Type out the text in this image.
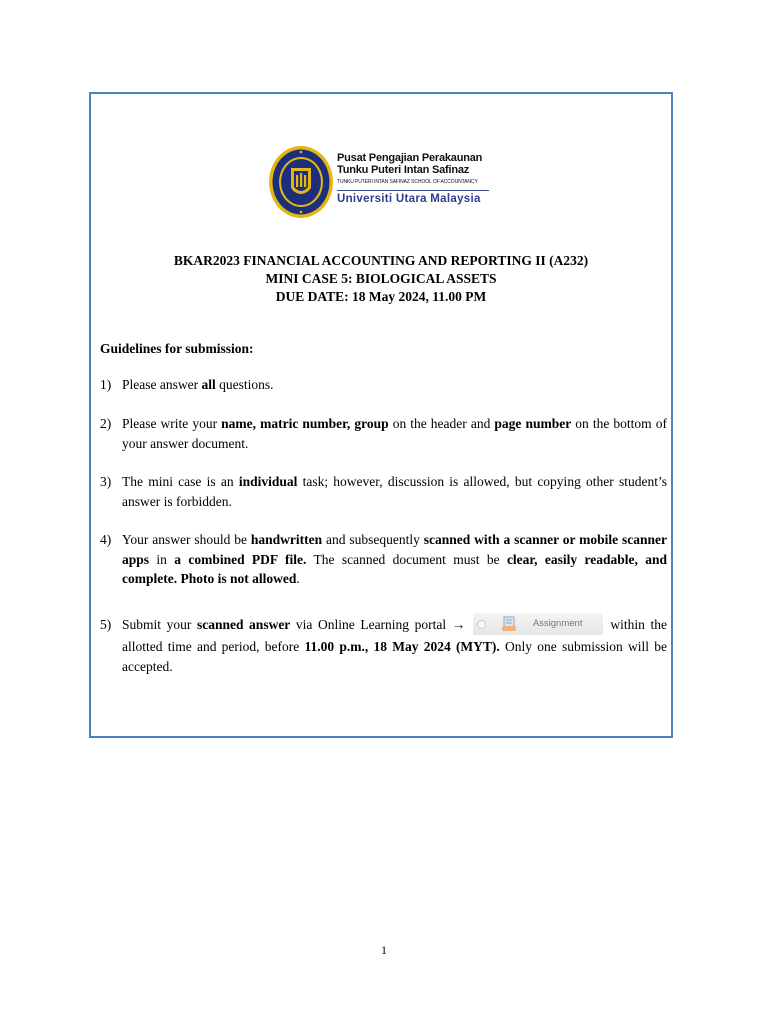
Pusat Pengajian Perakaunan
Tunku Puteri Intan Safinaz
TUNKU PUTERI INTAN SAFINAZ SCHOOL OF ACCOUNTANCY
Universiti Utara Malaysia
BKAR2023 FINANCIAL ACCOUNTING AND REPORTING II (A232)
MINI CASE 5: BIOLOGICAL ASSETS
DUE DATE: 18 May 2024, 11.00 PM
Guidelines for submission:
1) Please answer all questions.
2) Please write your name, matric number, group on the header and page number on the bottom of your answer document.
3) The mini case is an individual task; however, discussion is allowed, but copying other student’s answer is forbidden.
4) Your answer should be handwritten and subsequently scanned with a scanner or mobile scanner apps in a combined PDF file. The scanned document must be clear, easily readable, and complete. Photo is not allowed.
5) Submit your scanned answer via Online Learning portal →	Assignment within the allotted time and period, before 11.00 p.m., 18 May 2024 (MYT). Only one submission will be accepted.
1
